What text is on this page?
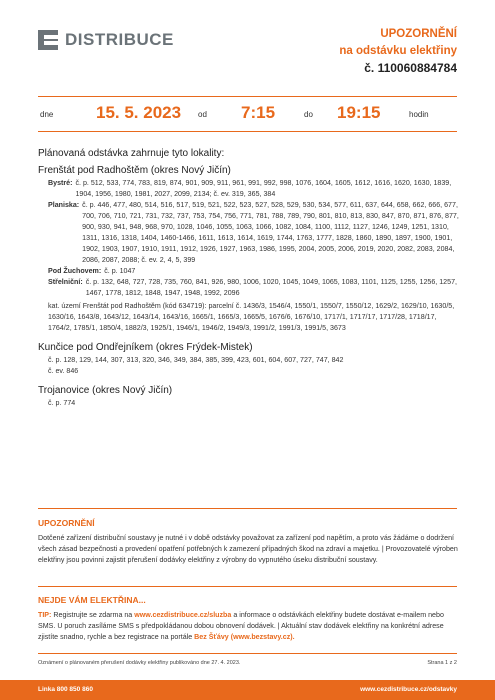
DISTRIBUCE	UPOZORNĚNÍ
na odstávku elektřiny
č. 110060884784
dne	15. 5. 2023 od 7:15	do 19:15	hodin
Plánovaná odstávka zahrnuje tyto lokality:
Frenštát pod Radhoštěm (okres Nový Jičín)
Bystré: č. p. 512, 533, 774, 783, 819, 874, 901, 909, 911, 961, 991, 992, 998, 1076, 1604, 1605, 1612, 1616, 1620, 1630, 1839, 1904, 1956, 1980, 1981, 2027, 2099, 2134; č. ev. 319, 365, 384
Planiska: č. p. 446, 477, 480, 514, 516, 517, 519, 521, 522, 523, 527, 528, 529, 530, 534, 577, 611, 637, 644, 658, 662, 666, 677, 700, 706, 710, 721, 731, 732, 737, 753, 754, 756, 771, 781, 788, 789, 790, 801, 810, 813, 830, 847, 870, 871, 876, 877, 900, 930, 941, 948, 968, 970, 1028, 1046, 1055, 1063, 1066, 1082, 1084, 1100, 1112, 1127, 1246, 1249, 1251, 1310, 1311, 1316, 1318, 1404, 1460-1466, 1611, 1613, 1614, 1619, 1744, 1763, 1777, 1828, 1860, 1890, 1897, 1900, 1901, 1902, 1903, 1907, 1910, 1911, 1912, 1926, 1927, 1963, 1986, 1995, 2004, 2005, 2006, 2019, 2020, 2082, 2083, 2084, 2086, 2087, 2088; č. ev. 2, 4, 5, 399
Pod Žuchovem: č. p. 1047
Střelniční: č. p. 132, 648, 727, 728, 735, 760, 841, 926, 980, 1006, 1020, 1045, 1049, 1065, 1083, 1101, 1125, 1255, 1256, 1257, 1467, 1778, 1812, 1848, 1947, 1948, 1992, 2096
kat. území Frenštát pod Radhoštěm (kód 634719): parcelní č. 1436/3, 1546/4, 1550/1, 1550/7, 1550/12, 1629/2, 1629/10, 1630/5, 1630/16, 1643/8, 1643/12, 1643/14, 1643/16, 1665/1, 1665/3, 1665/5, 1676/6, 1676/10, 1717/1, 1717/17, 1717/28, 1718/17, 1764/2, 1785/1, 1850/4, 1882/3, 1925/1, 1946/1, 1946/2, 1949/3, 1991/2, 1991/3, 1991/5, 3673
Kunčice pod Ondřejníkem (okres Frýdek-Mistek)
č. p. 128, 129, 144, 307, 313, 320, 346, 349, 384, 385, 399, 423, 601, 604, 607, 727, 747, 842
č. ev. 846
Trojanovice (okres Nový Jičín)
č. p. 774
UPOZORNĚNÍ
Dotčené zařízení distribuční soustavy je nutné i v době odstávky považovat za zařízení pod napětím, a proto vás žádáme o dodržení všech zásad bezpečnosti a provedení opatření potřebných k zamezení případných škod na zdraví a majetku. | Provozovatelé výroben elektřiny jsou povinni zajistit přerušení dodávky elektřiny z výrobny do vypnutého úseku distribuční soustavy.
NEJDE VÁM ELEKTŘINA...
TIP: Registrujte se zdarma na www.cezdistribuce.cz/sluzba a informace o odstávkách elektřiny budete dostávat e-mailem nebo SMS. U poruch zasíláme SMS s předpokládanou dobou obnovení dodávek. | Aktuální stav dodávek elektřiny na konkrétní adrese zjistíte snadno, rychle a bez registrace na portále Bez Šťávy (www.bezstavy.cz).
Oznámení o plánovaném přerušení dodávky elektřiny publikováno dne 27. 4. 2023.	Strana 1 z 2
Linka 800 850 860	www.cezdistribuce.cz/odstavky
